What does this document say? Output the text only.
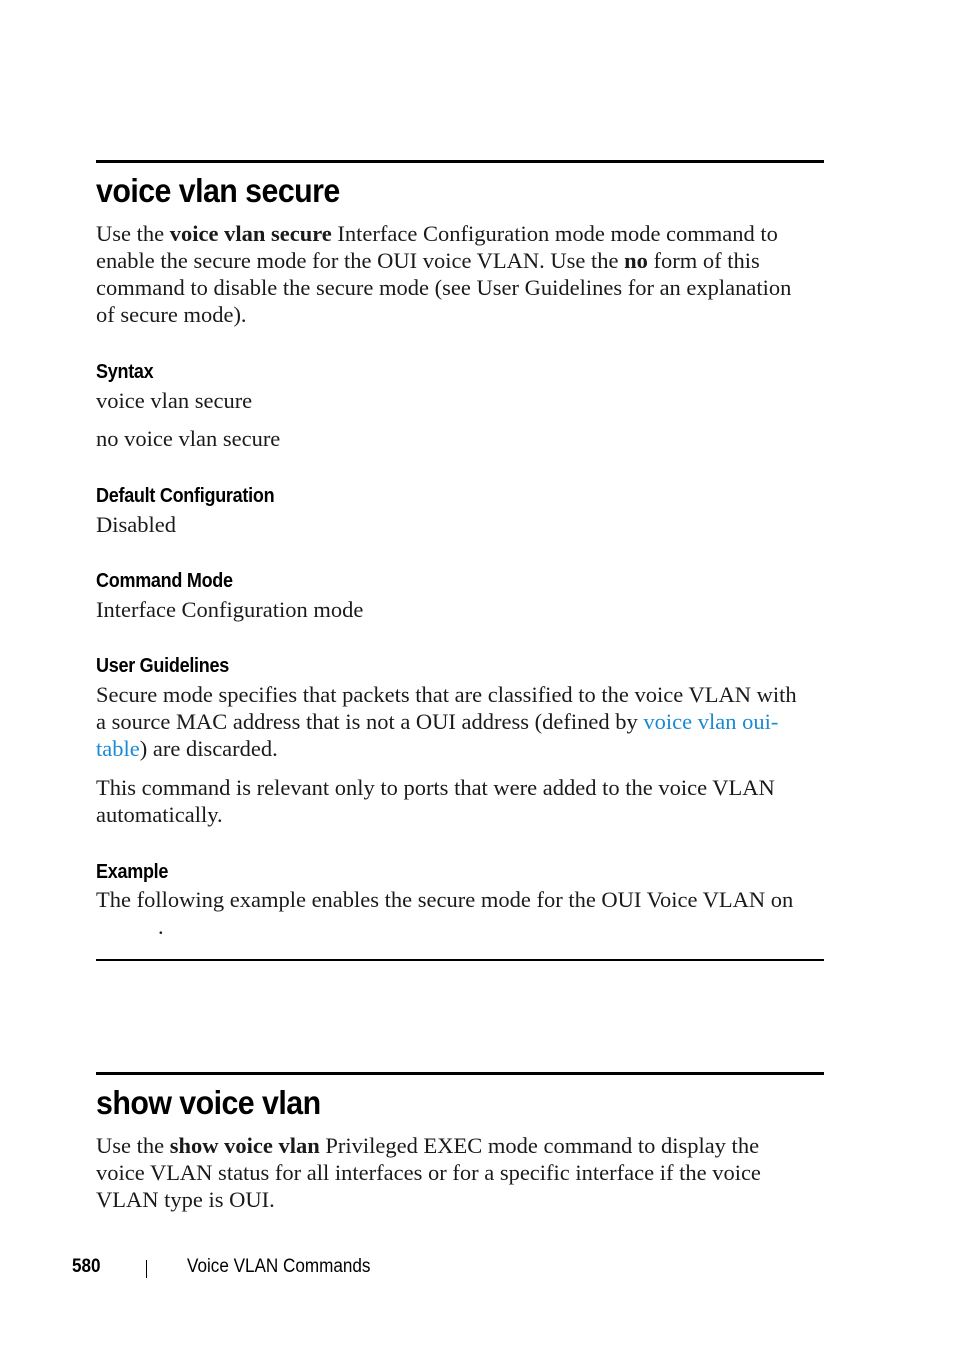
voice vlan secure

Use the voice vlan secure Interface Configuration mode mode command to
enable the secure mode for the OUI voice VLAN. Use the no form of this
command to disable the secure mode (see User Guidelines for an explanation
of secure mode).

Syntax

voice vlan secure

no voice vlan secure

Default Configuration

Disabled

Command Mode

Interface Configuration mode

User Guidelines

Secure mode specifies that packets that are classified to the voice VLAN with
a source MAC address that is not a OUI address (defined by voice vlan oui-
table) are discarded.

This command is relevant only to ports that were added to the voice VLAN
automatically.

Example

The following example enables the secure mode for the OUI Voice VLAN on
.

show voice vlan

Use the show voice vlan Privileged EXEC mode command to display the
voice VLAN status for all interfaces or for a specific interface if the voice
VLAN type is OUI.

580	Voice VLAN Commands
